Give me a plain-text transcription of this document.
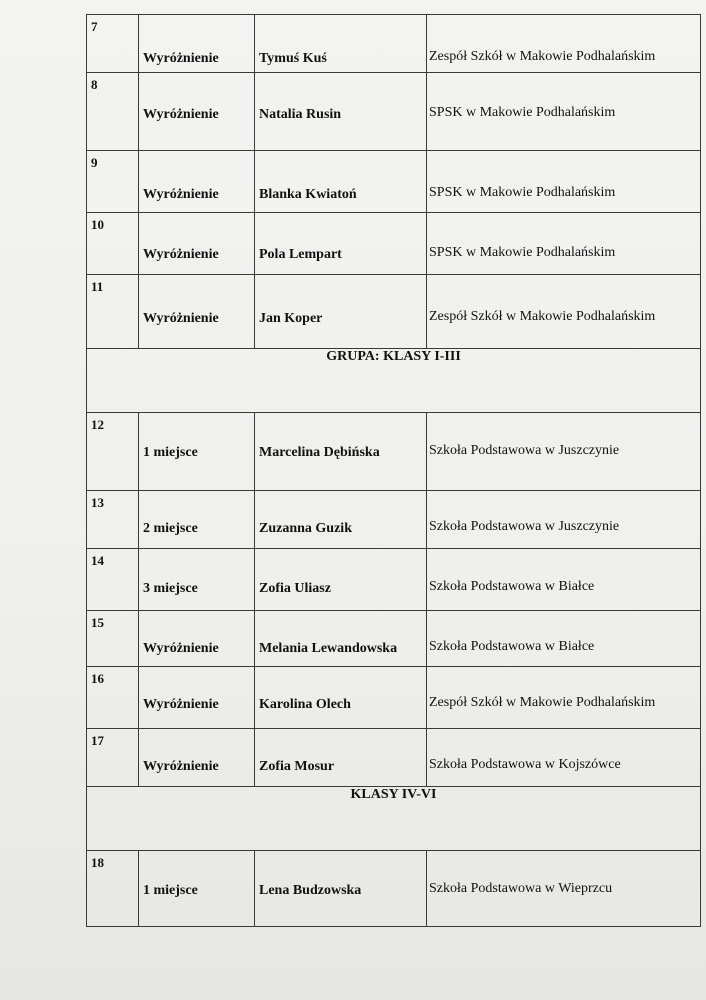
7	Wyróżnienie	Tymuś Kuś	Zespół Szkół w Makowie Podhalańskim

8	Wyróżnienie	Natalia Rusin	SPSK w Makowie Podhalańskim

9	Wyróżnienie	Blanka Kwiatoń	SPSK w Makowie Podhalańskim

10	Wyróżnienie	Pola Lempart	SPSK w Makowie Podhalańskim

11	Wyróżnienie	Jan Koper	Zespół Szkół w Makowie Podhalańskim

GRUPA: KLASY I-III			

12	1 miejsce	Marcelina Dębińska	Szkoła Podstawowa w Juszczynie

13	2 miejsce	Zuzanna Guzik	Szkoła Podstawowa w Juszczynie

14	3 miejsce	Zofia Uliasz	Szkoła Podstawowa w Białce

15	Wyróżnienie	Melania Lewandowska	Szkoła Podstawowa w Białce

16	Wyróżnienie	Karolina Olech	Zespół Szkół w Makowie Podhalańskim

17	Wyróżnienie	Zofia Mosur	Szkoła Podstawowa w Kojszówce

KLASY IV-VI			

18	1 miejsce	Lena Budzowska	Szkoła Podstawowa w Wieprzcu
